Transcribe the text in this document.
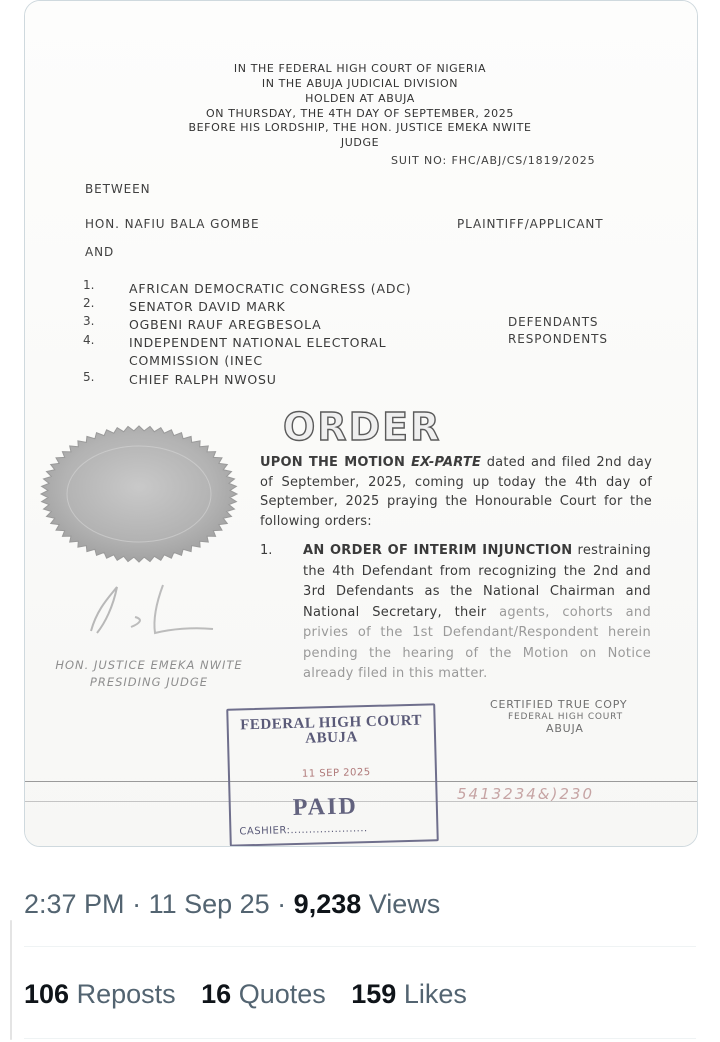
IN THE FEDERAL HIGH COURT OF NIGERIA
IN THE ABUJA JUDICIAL DIVISION
HOLDEN AT ABUJA
ON THURSDAY, THE 4TH DAY OF SEPTEMBER, 2025
BEFORE HIS LORDSHIP, THE HON. JUSTICE EMEKA NWITE
JUDGE
SUIT NO: FHC/ABJ/CS/1819/2025
BETWEEN
HON. NAFIU BALA GOMBE	PLAINTIFF/APPLICANT
AND
1.	AFRICAN DEMOCRATIC CONGRESS (ADC)
2.	SENATOR DAVID MARK
3.	OGBENI RAUF AREGBESOLA
4.	INDEPENDENT NATIONAL ELECTORAL
COMMISSION (INEC
5.	CHIEF RALPH NWOSU
DEFENDANTS
RESPONDENTS
HON. JUSTICE EMEKA NWITE
PRESIDING JUDGE
ORDER
UPON THE MOTION EX-PARTE dated and filed 2nd day of September, 2025, coming up today the 4th day of September, 2025 praying the Honourable Court for the following orders:
1. AN ORDER OF INTERIM INJUNCTION restraining the 4th Defendant from recognizing the 2nd and 3rd Defendants as the National Chairman and National Secretary, their agents, cohorts and privies of the 1st Defendant/Respondent herein pending the hearing of the Motion on Notice already filed in this matter.
CERTIFIED TRUE COPY
FEDERAL HIGH COURT
ABUJA
FEDERAL HIGH COURT
ABUJA
11 SEP 2025
PAID
CASHIER:.....................
5413234&)230
2:37 PM · 11 Sep 25 · 9,238 Views
106 Reposts 16 Quotes 159 Likes
